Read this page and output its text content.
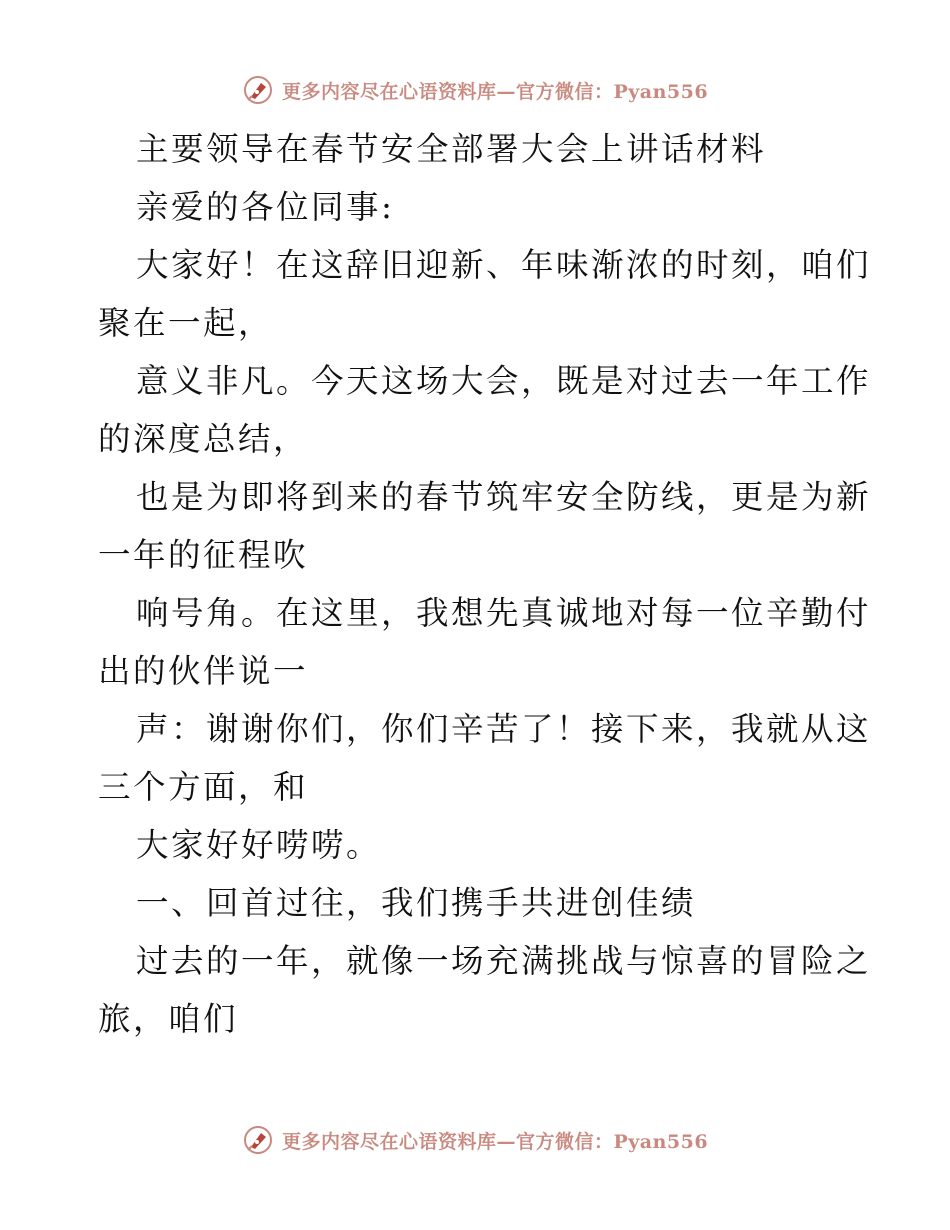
更多内容尽在心语资料库—官方微信：Pyan556
主要领导在春节安全部署大会上讲话材料
亲爱的各位同事:
大家好！在这辞旧迎新、年味渐浓的时刻，咱们
聚在一起，
意义非凡。今天这场大会，既是对过去一年工作
的深度总结，
也是为即将到来的春节筑牢安全防线，更是为新
一年的征程吹
响号角。在这里，我想先真诚地对每一位辛勤付
出的伙伴说一
声：谢谢你们，你们辛苦了！接下来，我就从这
三个方面，和
大家好好唠唠。
一、回首过往，我们携手共进创佳绩
过去的一年，就像一场充满挑战与惊喜的冒险之
旅，咱们
更多内容尽在心语资料库—官方微信：Pyan556
